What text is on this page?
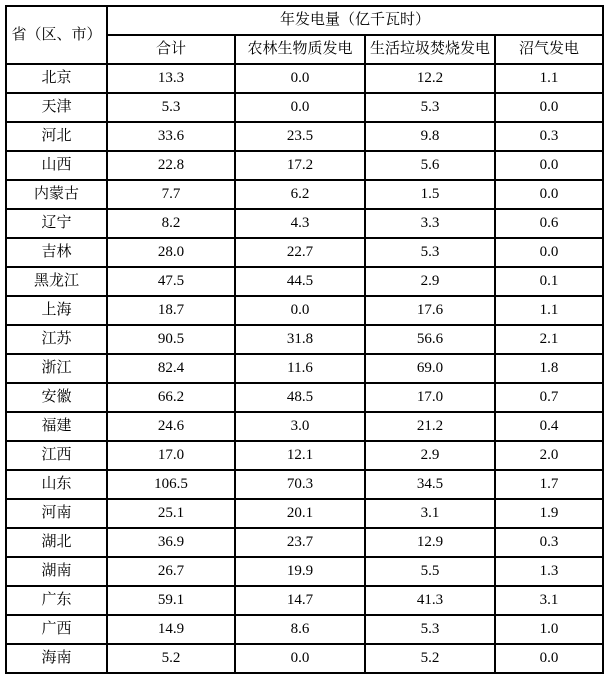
省（区、市）	年发电量（亿千瓦时）			
	合计	农林生物质发电	生活垃圾焚烧发电	沼气发电
北京	13.3	0.0	12.2	1.1
天津	5.3	0.0	5.3	0.0
河北	33.6	23.5	9.8	0.3
山西	22.8	17.2	5.6	0.0
内蒙古	7.7	6.2	1.5	0.0
辽宁	8.2	4.3	3.3	0.6
吉林	28.0	22.7	5.3	0.0
黑龙江	47.5	44.5	2.9	0.1
上海	18.7	0.0	17.6	1.1
江苏	90.5	31.8	56.6	2.1
浙江	82.4	11.6	69.0	1.8
安徽	66.2	48.5	17.0	0.7
福建	24.6	3.0	21.2	0.4
江西	17.0	12.1	2.9	2.0
山东	106.5	70.3	34.5	1.7
河南	25.1	20.1	3.1	1.9
湖北	36.9	23.7	12.9	0.3
湖南	26.7	19.9	5.5	1.3
广东	59.1	14.7	41.3	3.1
广西	14.9	8.6	5.3	1.0
海南	5.2	0.0	5.2	0.0
